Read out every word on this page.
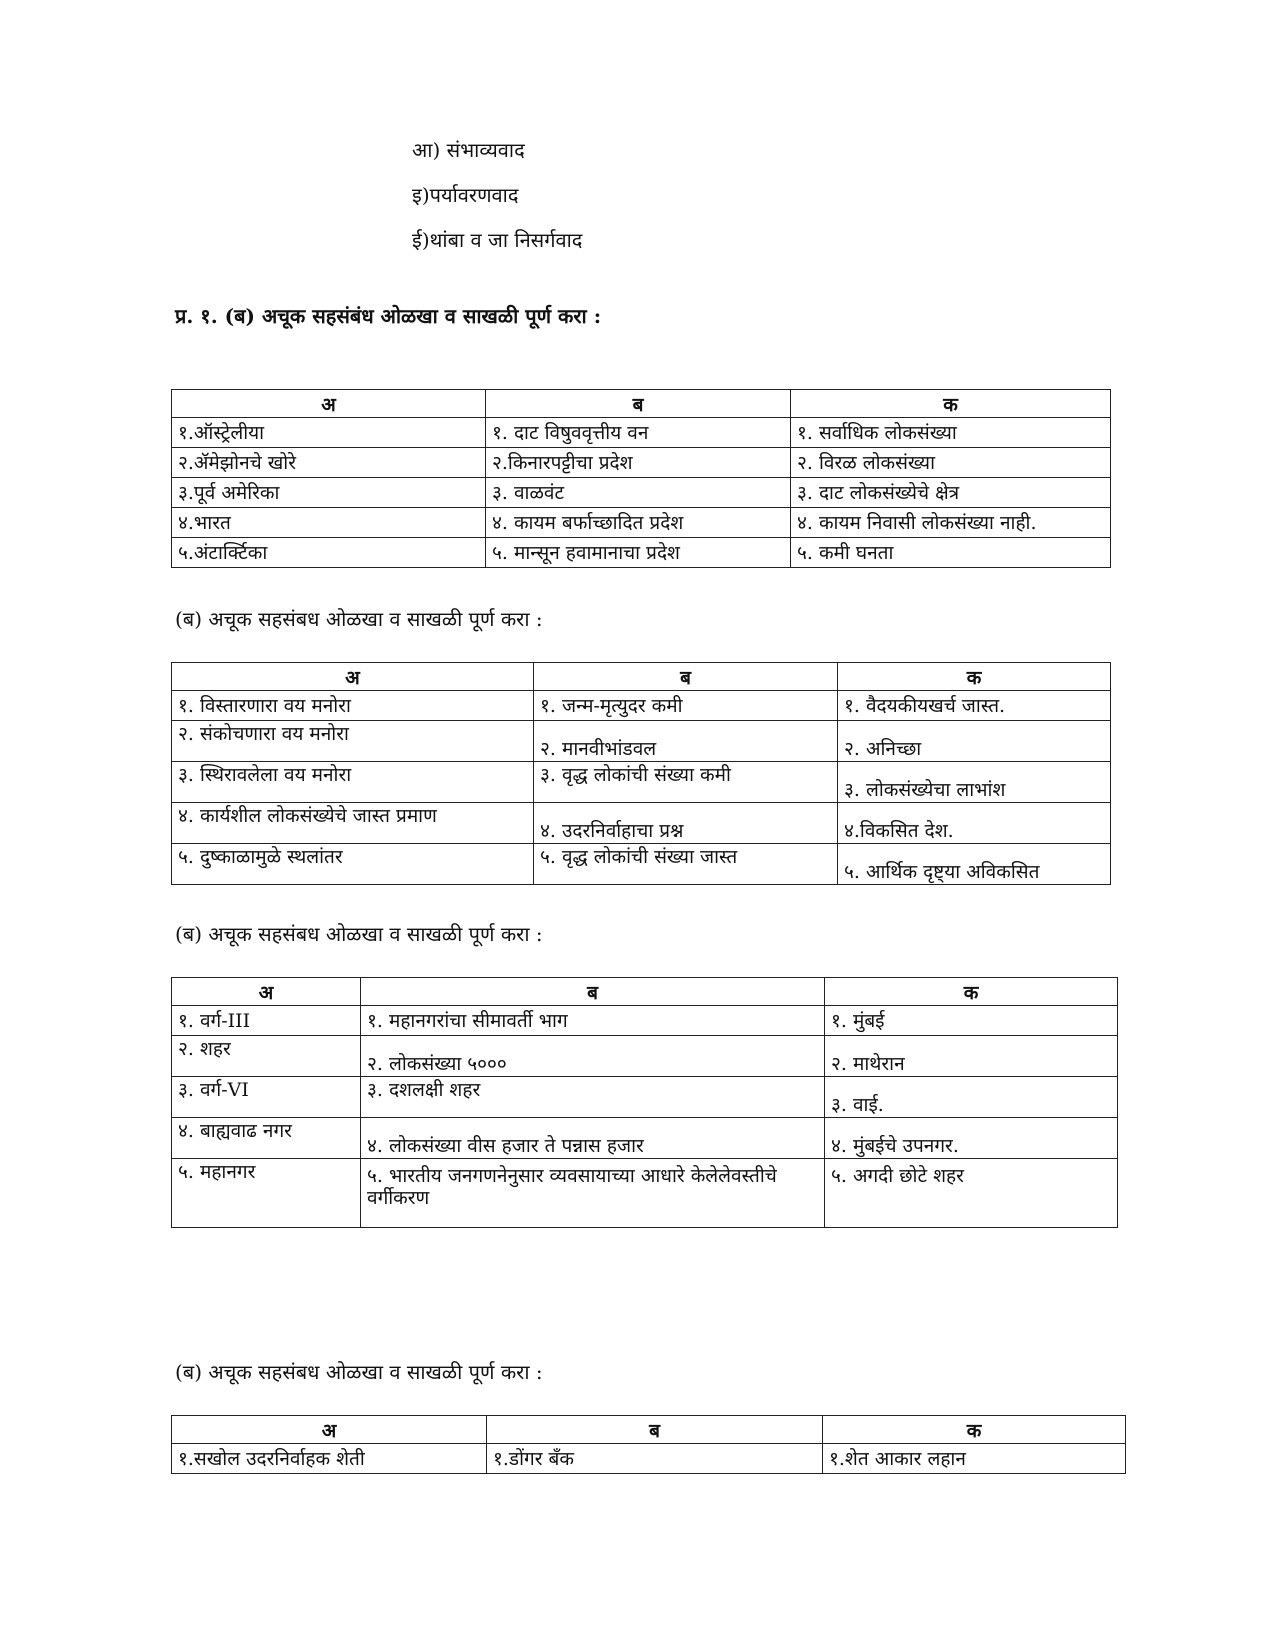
आ) संभाव्यवाद
इ)पर्यावरणवाद
ई)थांबा व जा निसर्गवाद
प्र. १. (ब) अचूक सहसंबंध ओळखा व साखळी पूर्ण करा :
अ	ब	क
१.ऑस्ट्रेलीया	१. दाट विषुववृत्तीय वन	१. सर्वाधिक लोकसंख्या
२.ॲमेझोनचे खोरे	२.किनारपट्टीचा प्रदेश	२. विरळ लोकसंख्या
३.पूर्व अमेरिका	३. वाळवंट	३. दाट लोकसंख्येचे क्षेत्र
४.भारत	४. कायम बर्फाच्छादित प्रदेश	४. कायम निवासी लोकसंख्या नाही.
५.अंटार्क्टिका	५. मान्सून हवामानाचा प्रदेश	५. कमी घनता
(ब) अचूक सहसंबध ओळखा व साखळी पूर्ण करा :
अ	ब	क
१. विस्तारणारा वय मनोरा	१. जन्म-मृत्युदर कमी	१. वैदयकीयखर्च जास्त.
२. संकोचणारा वय मनोरा	२. मानवीभांडवल	२. अनिच्छा
३. स्थिरावलेला वय मनोरा	३. वृद्ध लोकांची संख्या कमी	३. लोकसंख्येचा लाभांश
४. कार्यशील लोकसंख्येचे जास्त प्रमाण	४. उदरनिर्वाहाचा प्रश्न	४.विकसित देश.
५. दुष्काळामुळे स्थलांतर	५. वृद्ध लोकांची संख्या जास्त	५. आर्थिक दृष्ट्या अविकसित
(ब) अचूक सहसंबध ओळखा व साखळी पूर्ण करा :
अ	ब	क
१. वर्ग-III	१. महानगरांचा सीमावर्ती भाग	१. मुंबई
२. शहर	२. लोकसंख्या ५०००	२. माथेरान
३. वर्ग-VI	३. दशलक्षी शहर	३. वाई.
४. बाह्यवाढ नगर	४. लोकसंख्या वीस हजार ते पन्नास हजार	४. मुंबईचे उपनगर.
५. महानगर	५. भारतीय जनगणनेनुसार व्यवसायाच्या आधारे केलेलेवस्तीचे वर्गीकरण	५. अगदी छोटे शहर
(ब) अचूक सहसंबध ओळखा व साखळी पूर्ण करा :
अ	ब	क
१.सखोल उदरनिर्वाहक शेती	१.डोंगर बँक	१.शेत आकार लहान
